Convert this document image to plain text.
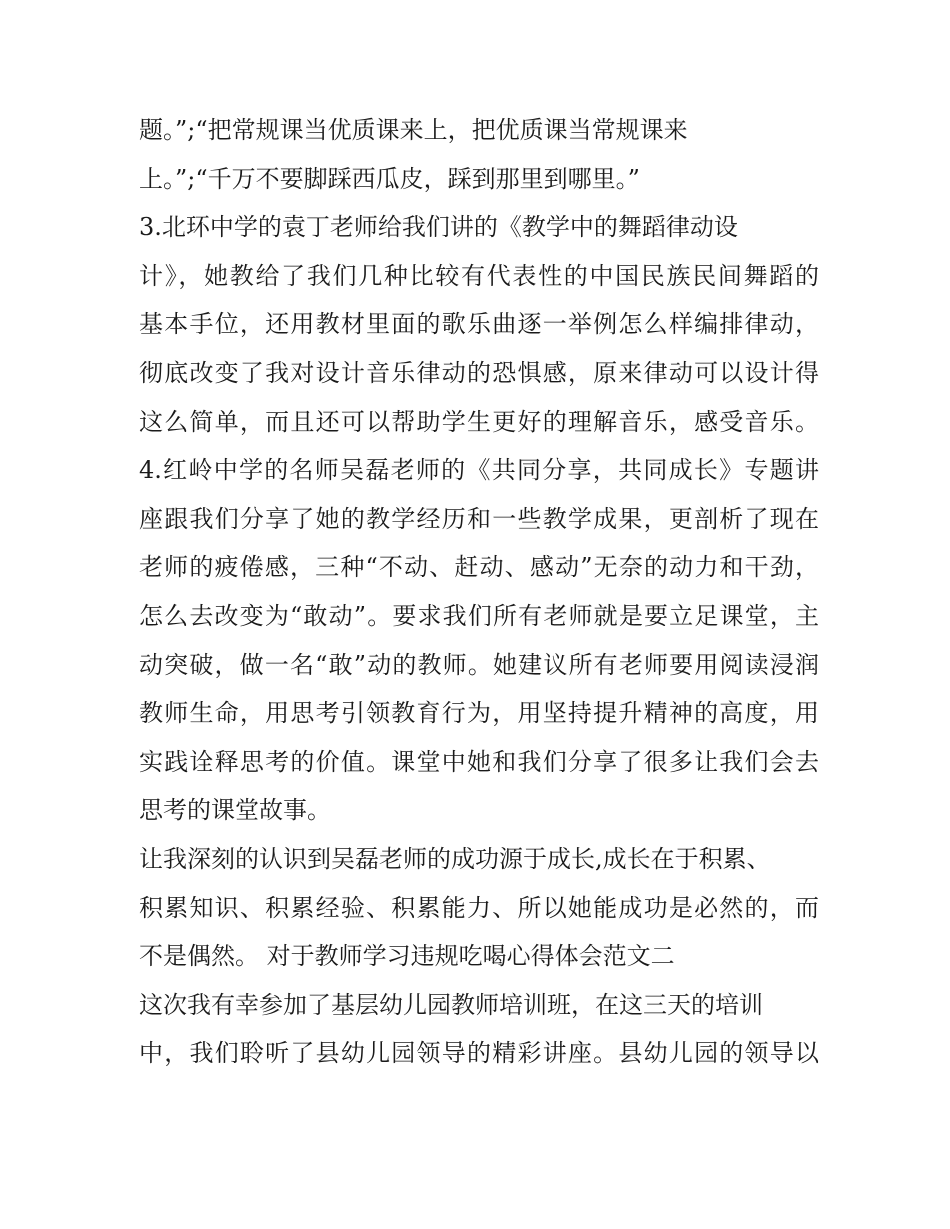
题。”;“把常规课当优质课来上，把优质课当常规课来
上。”;“千万不要脚踩西瓜皮，踩到那里到哪里。”
3.北环中学的袁丁老师给我们讲的《教学中的舞蹈律动设
计》，她教给了我们几种比较有代表性的中国民族民间舞蹈的
基本手位，还用教材里面的歌乐曲逐一举例怎么样编排律动，
彻底改变了我对设计音乐律动的恐惧感，原来律动可以设计得
这么简单，而且还可以帮助学生更好的理解音乐，感受音乐。
4.红岭中学的名师吴磊老师的《共同分享，共同成长》专题讲
座跟我们分享了她的教学经历和一些教学成果，更剖析了现在
老师的疲倦感，三种“不动、赶动、感动”无奈的动力和干劲，
怎么去改变为“敢动”。要求我们所有老师就是要立足课堂，主
动突破，做一名“敢”动的教师。她建议所有老师要用阅读浸润
教师生命，用思考引领教育行为，用坚持提升精神的高度，用
实践诠释思考的价值。课堂中她和我们分享了很多让我们会去
思考的课堂故事。
让我深刻的认识到吴磊老师的成功源于成长,成长在于积累、
积累知识、积累经验、积累能力、所以她能成功是必然的，而
不是偶然。 对于教师学习违规吃喝心得体会范文二
这次我有幸参加了基层幼儿园教师培训班，在这三天的培训
中，我们聆听了县幼儿园领导的精彩讲座。县幼儿园的领导以
